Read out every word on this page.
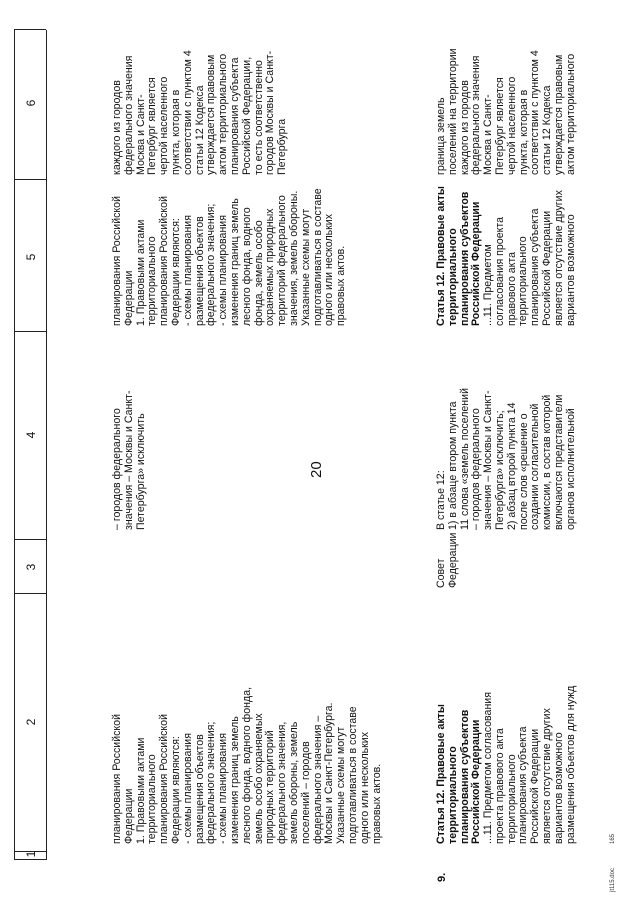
1
2
3
4
5
6
20
планирования Российской
Федерации
1. Правовыми актами
территориального
планирования Российской
Федерации являются:
- схемы планирования
размещения объектов
федерального значения;
- схемы планирования
изменения границ земель
лесного фонда, водного фонда,
земель особо охраняемых
природных территорий
федерального значения,
земель обороны, земель
поселений – городов
федерального значения –
Москвы и Санкт-Петербурга.
Указанные схемы могут
подготавливаться в составе
одного или нескольких
правовых актов.
– городов федерального
значения – Москвы и Санкт-
Петербурга» исключить
планирования Российской
Федерации
1. Правовыми актами
территориального
планирования Российской
Федерации являются:
- схемы планирования
размещения объектов
федерального значения;
- схемы планирования
изменения границ земель
лесного фонда, водного
фонда, земель особо
охраняемых природных
территорий федерального
значения, земель обороны.
Указанные схемы могут
подготавливаться в составе
одного или нескольких
правовых актов.
каждого из городов
федерального значения
Москва и Санкт-
Петербург является
чертой населенного
пункта, которая в
соответствии с пунктом 4
статьи 12 Кодекса
утверждается правовым
актом территориального
планирования субъекта
Российской Федерации,
то есть соответственно
городов Москвы и Санкт-
Петербурга
9.
Статья 12. Правовые акты
территориального
планирования субъектов
Российской Федерации
...11. Предметом согласования
проекта правового акта
территориального
планирования субъекта
Российской Федерации
является отсутствие других
вариантов возможного
размещения объектов для нужд
Совет
Федерации
В статье 12:
1) в абзаце втором пункта
11 слова «земель поселений
– городов федерального
значения – Москвы и Санкт-
Петербурга» исключить;
2) абзац второй пункта 14
после слов «решение о
создании согласительной
комиссии, в состав которой
включаются представители
органов исполнительной
Статья 12. Правовые акты
территориального
планирования субъектов
Российской Федерации
...11. Предметом
согласования проекта
правового акта
территориального
планирования субъекта
Российской Федерации
является отсутствие других
вариантов возможного
граница земель
поселений на территории
каждого из городов
федерального значения
Москва и Санкт-
Петербург является
чертой населенного
пункта, которая в
соответствии с пунктом 4
статьи 12 Кодекса
утверждается правовым
актом территориального
jt115.doc
165
